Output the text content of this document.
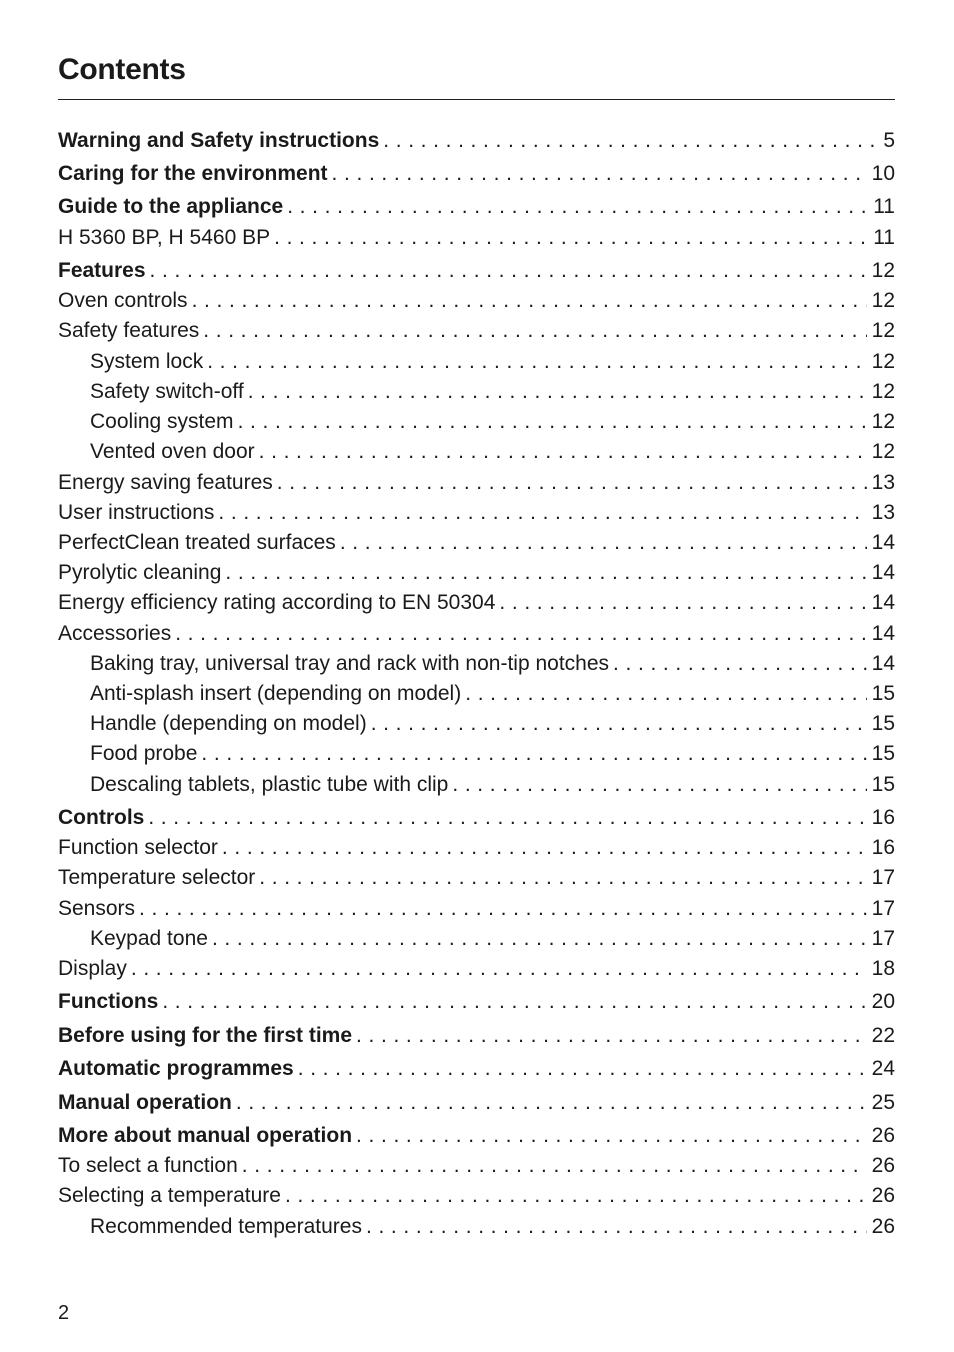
Contents
Warning and Safety instructions . . .	5
Caring for the environment . . .	10
Guide to the appliance . . .	11
H 5360 BP, H 5460 BP . . .	11
Features . . .	12
Oven controls . . .	12
Safety features . . .	12
System lock . . .	12
Safety switch-off . . .	12
Cooling system . . .	12
Vented oven door . . .	12
Energy saving features . . .	13
User instructions . . .	13
PerfectClean treated surfaces . . .	14
Pyrolytic cleaning . . .	14
Energy efficiency rating according to EN 50304 . . .	14
Accessories . . .	14
Baking tray, universal tray and rack with non-tip notches . . .	14
Anti-splash insert (depending on model) . . .	15
Handle (depending on model) . . .	15
Food probe . . .	15
Descaling tablets, plastic tube with clip . . .	15
Controls . . .	16
Function selector . . .	16
Temperature selector . . .	17
Sensors . . .	17
Keypad tone . . .	17
Display . . .	18
Functions . . .	20
Before using for the first time . . .	22
Automatic programmes . . .	24
Manual operation . . .	25
More about manual operation . . .	26
To select a function . . .	26
Selecting a temperature . . .	26
Recommended temperatures . . .	26
2
